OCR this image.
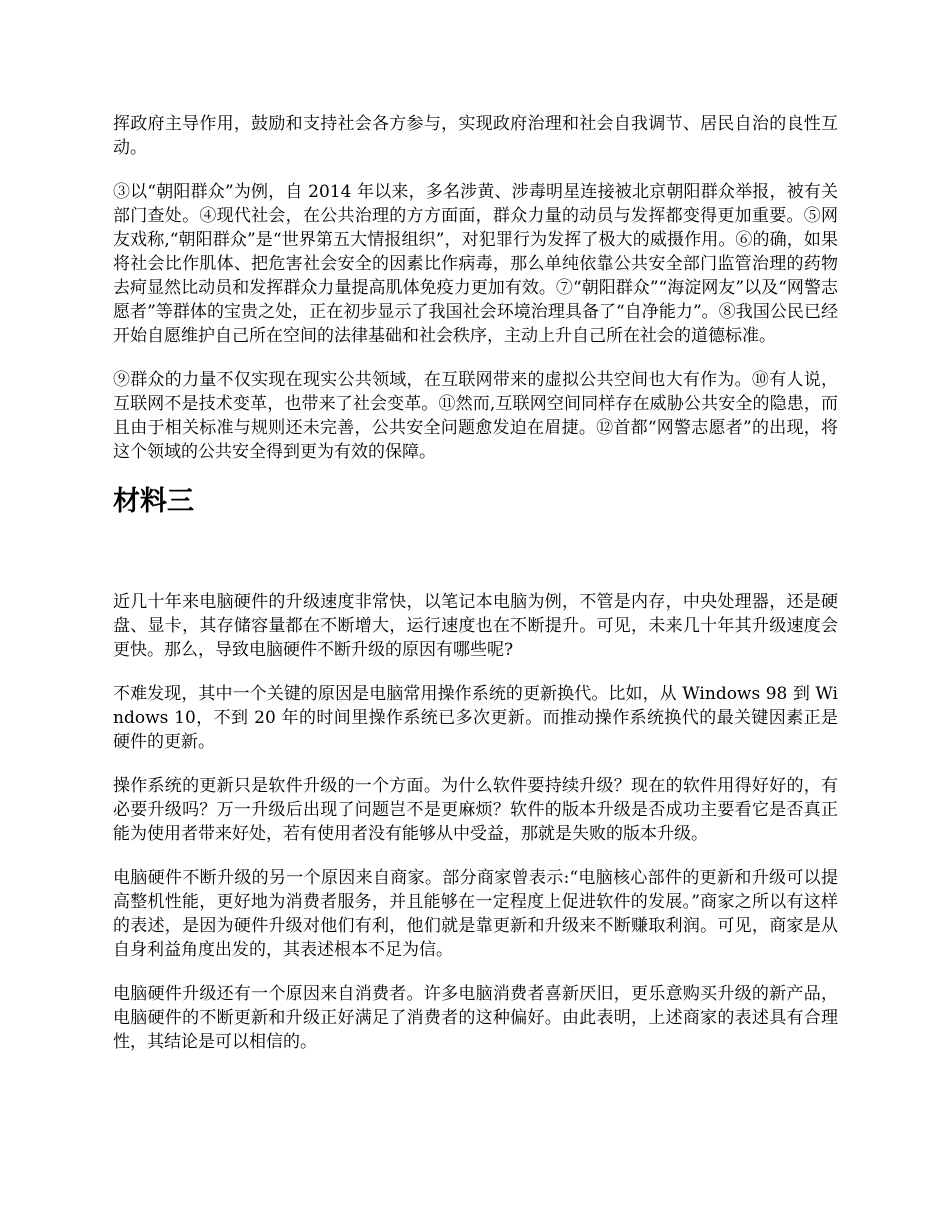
挥政府主导作用，鼓励和支持社会各方参与，实现政府治理和社会自我调节、居民自治的良性互动。

③以“朝阳群众”为例，自 2014 年以来，多名涉黄、涉毒明星连接被北京朝阳群众举报，被有关部门查处。④现代社会，在公共治理的方方面面，群众力量的动员与发挥都变得更加重要。⑤网友戏称,“朝阳群众”是“世界第五大情报组织”，对犯罪行为发挥了极大的威摄作用。⑥的确，如果将社会比作肌体、把危害社会安全的因素比作病毒，那么单纯依靠公共安全部门监管治理的药物去疴显然比动员和发挥群众力量提高肌体免疫力更加有效。⑦“朝阳群众”“海淀网友”以及“网警志愿者”等群体的宝贵之处，正在初步显示了我国社会环境治理具备了“自净能力”。⑧我国公民已经开始自愿维护自己所在空间的法律基础和社会秩序，主动上升自己所在社会的道德标准。

⑨群众的力量不仅实现在现实公共领域，在互联网带来的虚拟公共空间也大有作为。⑩有人说，互联网不是技术变革，也带来了社会变革。⑪然而,互联网空间同样存在威胁公共安全的隐患，而且由于相关标准与规则还未完善，公共安全问题愈发迫在眉捷。⑫首都“网警志愿者”的出现，将这个领域的公共安全得到更为有效的保障。

材料三

近几十年来电脑硬件的升级速度非常快，以笔记本电脑为例，不管是内存，中央处理器，还是硬盘、显卡，其存储容量都在不断增大，运行速度也在不断提升。可见，未来几十年其升级速度会更快。那么，导致电脑硬件不断升级的原因有哪些呢?

不难发现，其中一个关键的原因是电脑常用操作系统的更新换代。比如，从 Windows 98 到 Windows 10，不到 20 年的时间里操作系统已多次更新。而推动操作系统换代的最关键因素正是硬件的更新。

操作系统的更新只是软件升级的一个方面。为什么软件要持续升级？现在的软件用得好好的，有必要升级吗？万一升级后出现了问题岂不是更麻烦？软件的版本升级是否成功主要看它是否真正能为使用者带来好处，若有使用者没有能够从中受益，那就是失败的版本升级。

电脑硬件不断升级的另一个原因来自商家。部分商家曾表示:“电脑核心部件的更新和升级可以提高整机性能，更好地为消费者服务，并且能够在一定程度上促进软件的发展。”商家之所以有这样的表述，是因为硬件升级对他们有利，他们就是靠更新和升级来不断赚取利润。可见，商家是从自身利益角度出发的，其表述根本不足为信。

电脑硬件升级还有一个原因来自消费者。许多电脑消费者喜新厌旧，更乐意购买升级的新产品，电脑硬件的不断更新和升级正好满足了消费者的这种偏好。由此表明，上述商家的表述具有合理性，其结论是可以相信的。
